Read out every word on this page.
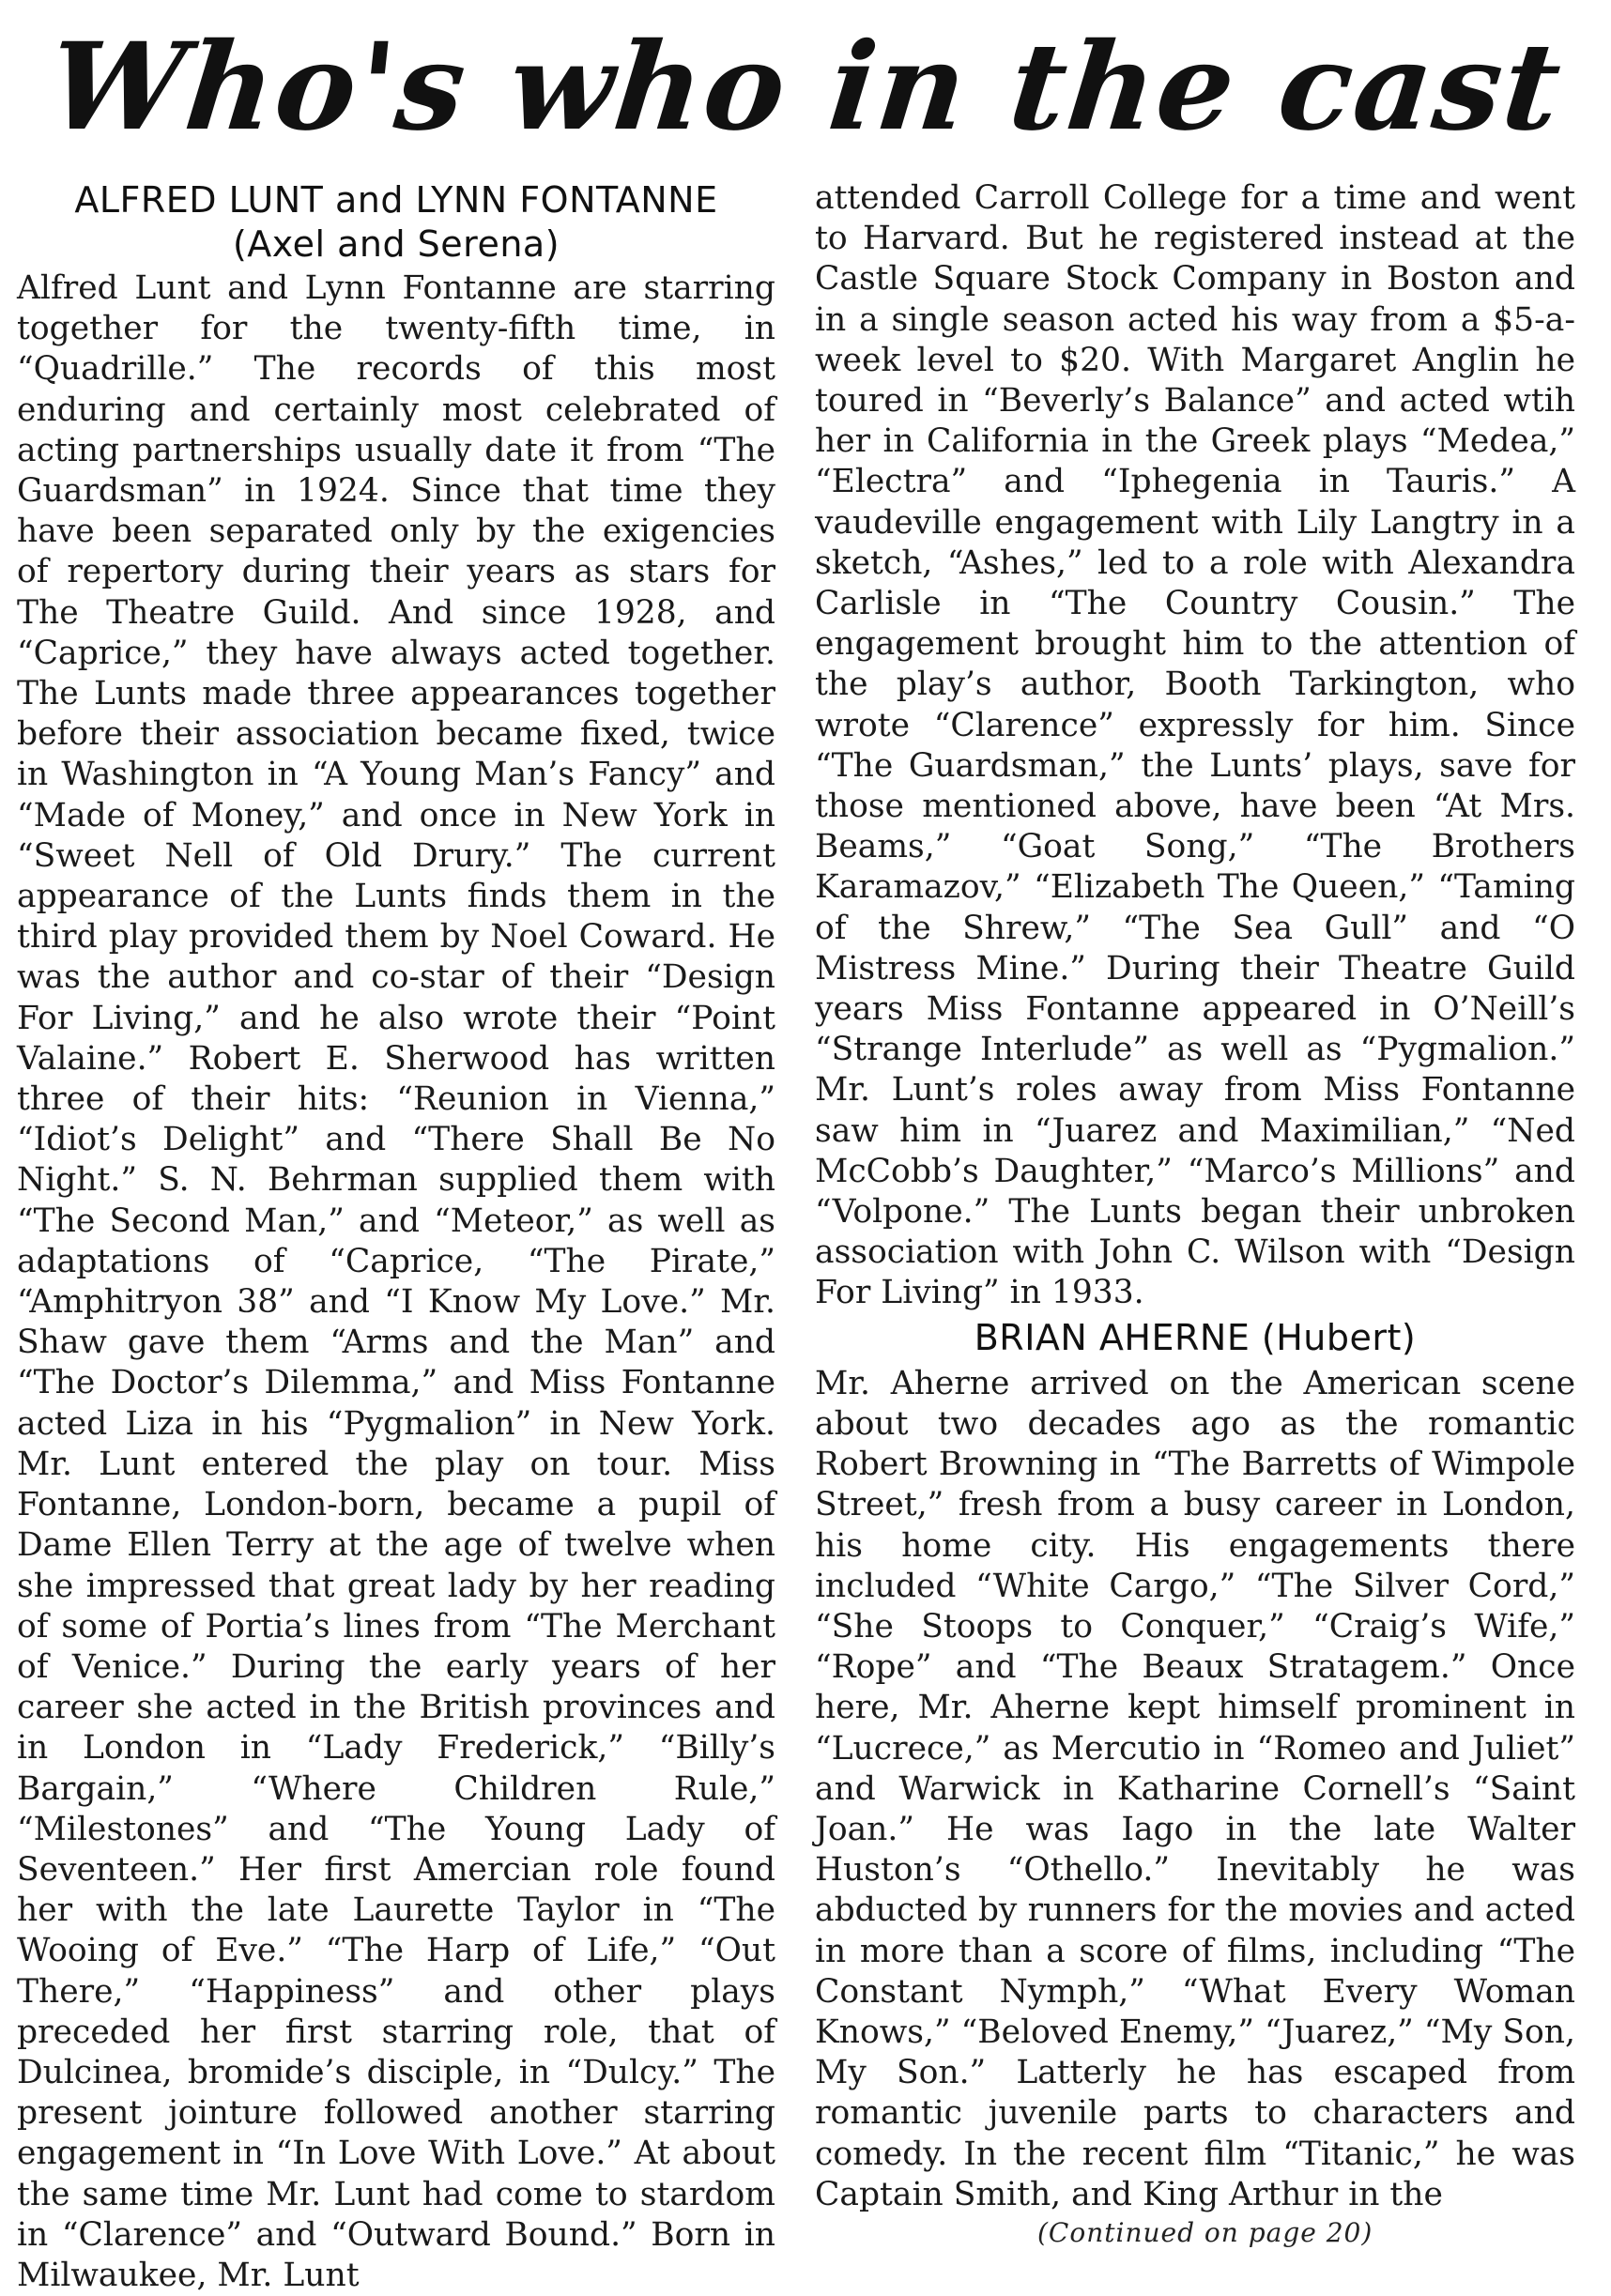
Who's who in the cast
ALFRED LUNT and LYNN FONTANNE
(Axel and Serena)

Alfred Lunt and Lynn Fontanne are starring together for the twenty-fifth time, in “Quadrille.” The records of this most enduring and certainly most celebrated of acting partnerships usually date it from “The Guardsman” in 1924. Since that time they have been separated only by the exigencies of repertory during their years as stars for The Theatre Guild. And since 1928, and “Caprice,” they have always acted together. The Lunts made three appearances together before their association became fixed, twice in Washington in “A Young Man’s Fancy” and “Made of Money,” and once in New York in “Sweet Nell of Old Drury.” The current appearance of the Lunts finds them in the third play provided them by Noel Coward. He was the author and co-star of their “Design For Living,” and he also wrote their “Point Valaine.” Robert E. Sherwood has written three of their hits: “Reunion in Vienna,” “Idiot’s Delight” and “There Shall Be No Night.” S. N. Behrman supplied them with “The Second Man,” and “Meteor,” as well as adaptations of “Caprice, “The Pirate,” “Amphitryon 38” and “I Know My Love.” Mr. Shaw gave them “Arms and the Man” and “The Doctor’s Dilemma,” and Miss Fontanne acted Liza in his “Pygmalion” in New York. Mr. Lunt entered the play on tour. Miss Fontanne, London-born, became a pupil of Dame Ellen Terry at the age of twelve when she impressed that great lady by her reading of some of Portia’s lines from “The Merchant of Venice.” During the early years of her career she acted in the British provinces and in London in “Lady Frederick,” “Billy’s Bargain,” “Where Children Rule,” “Milestones” and “The Young Lady of Seventeen.” Her first Amercian role found her with the late Laurette Taylor in “The Wooing of Eve.” “The Harp of Life,” “Out There,” “Happiness” and other plays preceded her first starring role, that of Dulcinea, bromide’s disciple, in “Dulcy.” The present jointure followed another starring engagement in “In Love With Love.” At about the same time Mr. Lunt had come to stardom in “Clarence” and “Outward Bound.” Born in Milwaukee, Mr. Lunt

attended Carroll College for a time and went to Harvard. But he registered instead at the Castle Square Stock Company in Boston and in a single season acted his way from a $5-a-week level to $20. With Margaret Anglin he toured in “Beverly’s Balance” and acted wtih her in California in the Greek plays “Medea,” “Electra” and “Iphegenia in Tauris.” A vaudeville engagement with Lily Langtry in a sketch, “Ashes,” led to a role with Alexandra Carlisle in “The Country Cousin.” The engagement brought him to the attention of the play’s author, Booth Tarkington, who wrote “Clarence” expressly for him. Since “The Guardsman,” the Lunts’ plays, save for those mentioned above, have been “At Mrs. Beams,” “Goat Song,” “The Brothers Karamazov,” “Elizabeth The Queen,” “Taming of the Shrew,” “The Sea Gull” and “O Mistress Mine.” During their Theatre Guild years Miss Fontanne appeared in O’Neill’s “Strange Interlude” as well as “Pygmalion.” Mr. Lunt’s roles away from Miss Fontanne saw him in “Juarez and Maximilian,” “Ned McCobb’s Daughter,” “Marco’s Millions” and “Volpone.” The Lunts began their unbroken association with John C. Wilson with “Design For Living” in 1933.

BRIAN AHERNE (Hubert)

Mr. Aherne arrived on the American scene about two decades ago as the romantic Robert Browning in “The Barretts of Wimpole Street,” fresh from a busy career in London, his home city. His engagements there included “White Cargo,” “The Silver Cord,” “She Stoops to Conquer,” “Craig’s Wife,” “Rope” and “The Beaux Stratagem.” Once here, Mr. Aherne kept himself prominent in “Lucrece,” as Mercutio in “Romeo and Juliet” and Warwick in Katharine Cornell’s “Saint Joan.” He was Iago in the late Walter Huston’s “Othello.” Inevitably he was abducted by runners for the movies and acted in more than a score of films, including “The Constant Nymph,” “What Every Woman Knows,” “Beloved Enemy,” “Juarez,” “My Son, My Son.” Latterly he has escaped from romantic juvenile parts to characters and comedy. In the recent film “Titanic,” he was Captain Smith, and King Arthur in the

(Continued on page 20)
